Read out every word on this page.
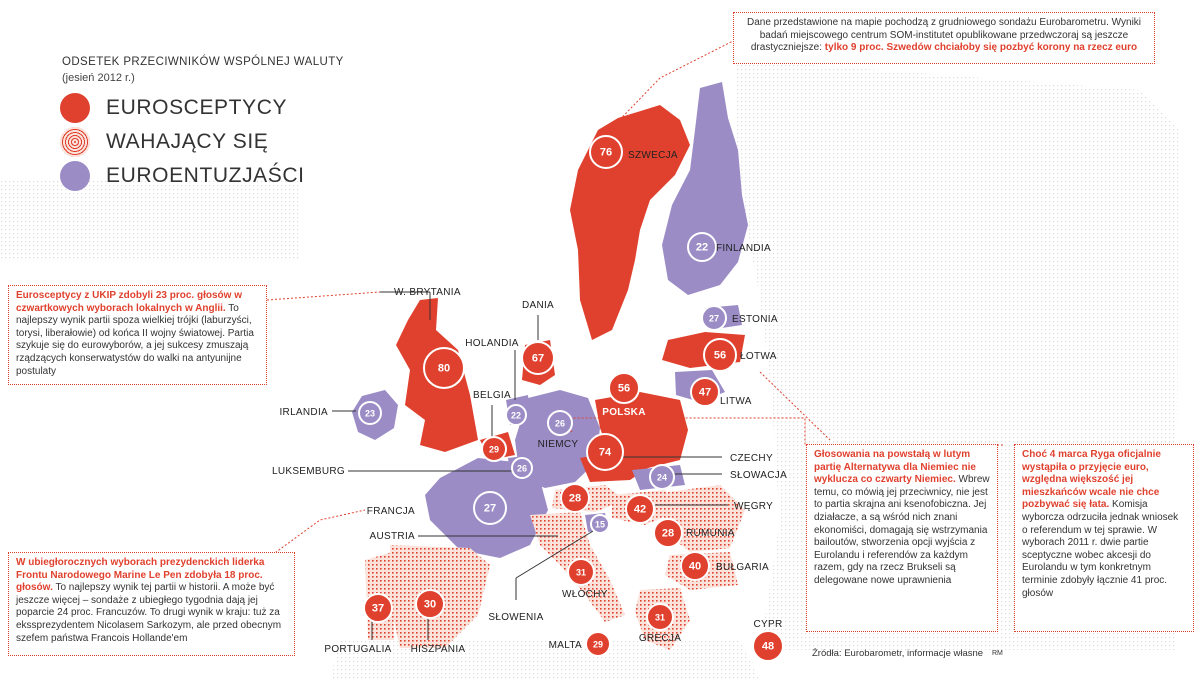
76 SZWECJA
22 FINLANDIA
80
W. BRYTANIA
67
DANIA
27 ESTONIA
22
HOLANDIA
56 ŁOTWA
47
LITWA
56
POLSKA
29
BELGIA
23
IRLANDIA
26
NIEMCY
74	CZECHY
26
LUKSEMBURG
24	SŁOWACJA
27
FRANCJA	42	WĘGRY
28
AUSTRIA	28 RUMUNIA
15
SŁOWENIA
40 BUŁGARIA
31
WŁOCHY
37
PORTUGALIA
30
HISZPANIA
31
GRECJA
29
MALTA	48
CYPR
ODSETEK PRZECIWNIKÓW WSPÓLNEJ WALUTY
(jesień 2012 r.)
EUROSCEPTYCY
WAHAJĄCY SIĘ
EUROENTUZJAŚCI
Dane przedstawione na mapie pochodzą z grudniowego sondażu Eurobarometru. Wyniki badań miejscowego centrum SOM-institutet opublikowane przedwczoraj są jeszcze drastyczniejsze: tylko 9 proc. Szwedów chciałoby się pozbyć korony na rzecz euro
Eurosceptycy z UKIP zdobyli 23 proc. głosów w czwartkowych wyborach lokalnych w Anglii. To najlepszy wynik partii spoza wielkiej trójki (laburzyści, torysi, liberałowie) od końca II wojny światowej. Partia szykuje się do eurowyborów, a jej sukcesy zmuszają rządzących konserwatystów do walki na antyunijne postulaty
W ubiegłorocznych wyborach prezydenckich liderka Frontu Narodowego Marine Le Pen zdobyła 18 proc. głosów. To najlepszy wynik tej partii w historii. A może być jeszcze więcej – sondaże z ubiegłego tygodnia dają jej poparcie 24 proc. Francuzów. To drugi wynik w kraju: tuż za ekssprezydentem Nicolasem Sarkozym, ale przed obecnym szefem państwa Francois Hollande'em
Głosowania na powstałą w lutym partię Alternatywa dla Niemiec nie wyklucza co czwarty Niemiec. Wbrew temu, co mówią jej przeciwnicy, nie jest to partia skrajna ani ksenofobiczna. Jej działacze, a są wśród nich znani ekonomiści, domagają się wstrzymania bailoutów, stworzenia opcji wyjścia z Eurolandu i referendów za każdym razem, gdy na rzecz Brukseli są delegowane nowe uprawnienia
Choć 4 marca Ryga oficjalnie wystąpiła o przyjęcie euro, względna większość jej mieszkańców wcale nie chce pozbywać się łata. Komisja wyborcza odrzuciła jednak wniosek o referendum w tej sprawie. W wyborach 2011 r. dwie partie sceptyczne wobec akcesji do Eurolandu w tym konkretnym terminie zdobyły łącznie 41 proc. głosów
Źródła: Eurobarometr, informacje własne RM
